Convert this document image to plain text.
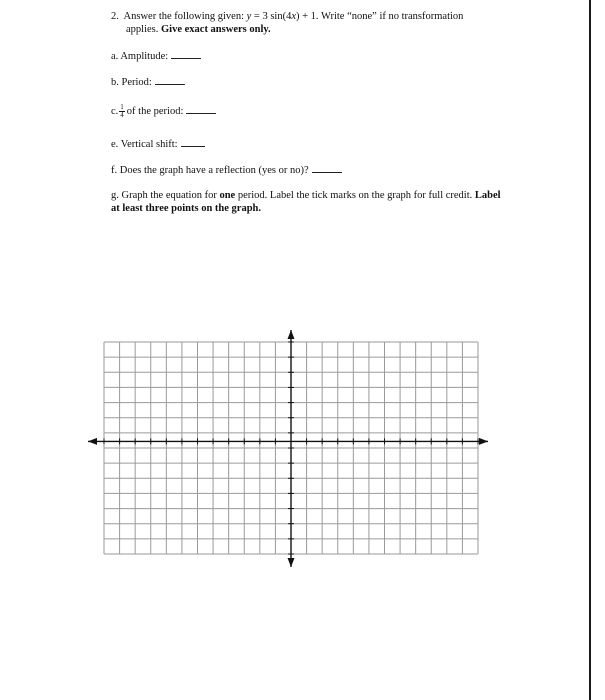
2. Answer the following given: y = 3 sin(4x) + 1. Write “none” if no transformation
applies. Give exact answers only.
a. Amplitude:
b. Period:
c. $\frac{1}{4}$ of the period:
e. Vertical shift:
f. Does the graph have a reflection (yes or no)?
g. Graph the equation for one period. Label the tick marks on the graph for full credit. Label
at least three points on the graph.
